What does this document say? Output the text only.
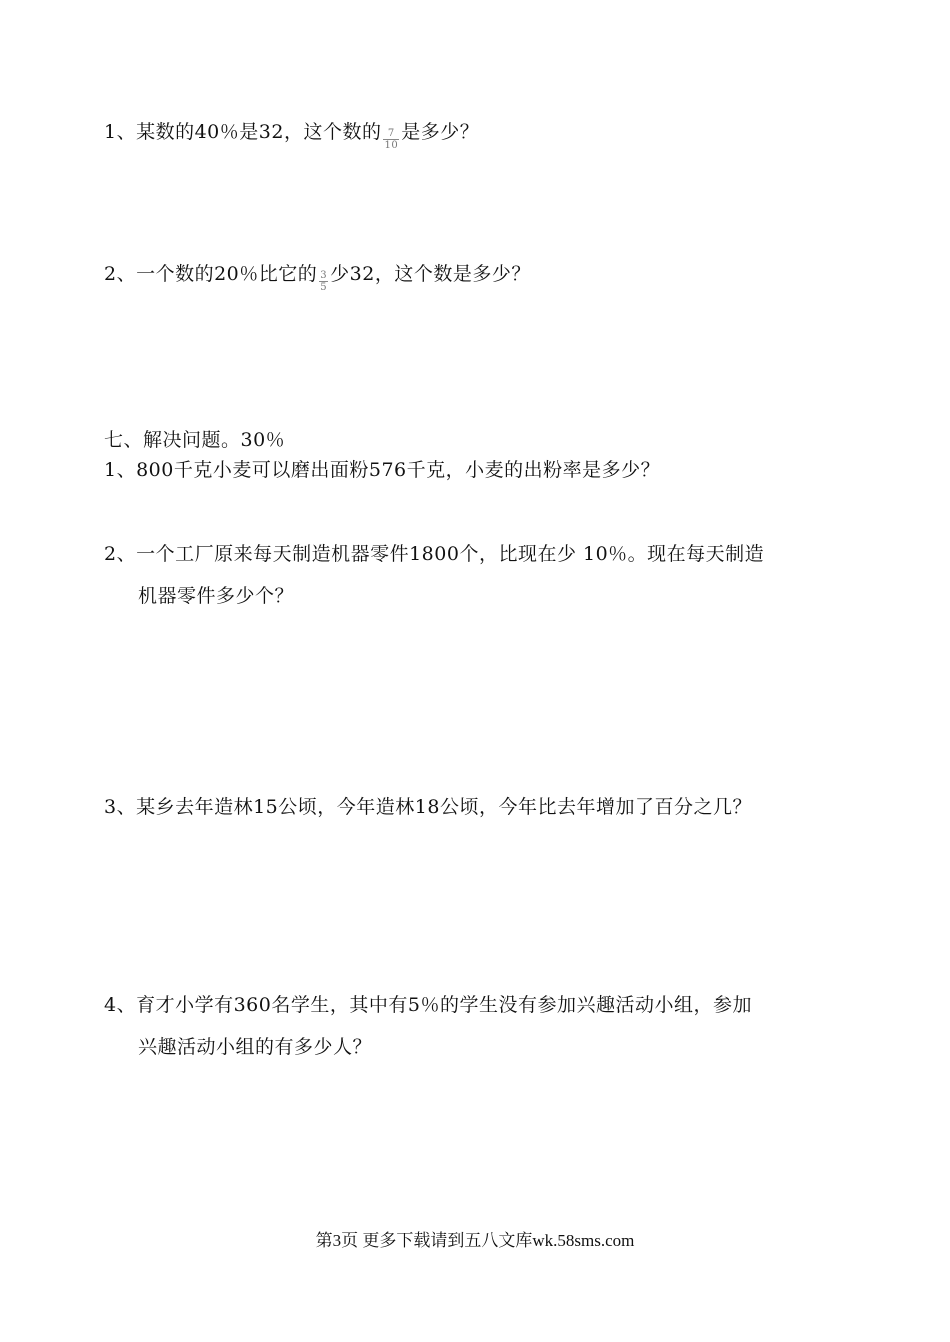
1、某数的40％是32，这个数的 $\frac{7}{10}$ 是多少？
2、一个数的20％比它的 $\frac{3}{5}$ 少32，这个数是多少？
七、解决问题。30％
1、800千克小麦可以磨出面粉576千克，小麦的出粉率是多少？
2、一个工厂原来每天制造机器零件1800个，比现在少 10％。现在每天制造
机器零件多少个？
3、某乡去年造林15公顷，今年造林18公顷，今年比去年增加了百分之几？
4、育才小学有360名学生，其中有5％的学生没有参加兴趣活动小组，参加
兴趣活动小组的有多少人？
第3页 更多下载请到五八文库wk.58sms.com
